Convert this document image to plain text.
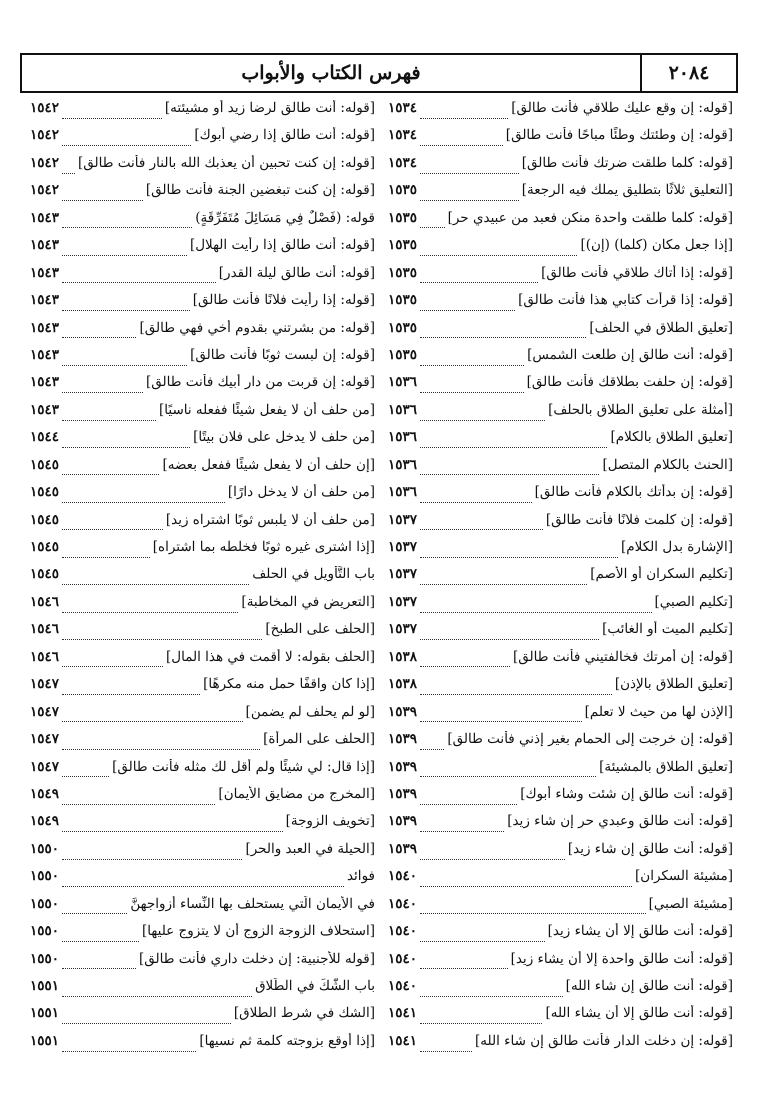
٢٠٨٤
فهرس الكتاب والأبواب
[قوله: إن وقع عليك طلاقي فأنت طالق]
١٥٣٤
[قوله: إن وطئتك وطئًا مباحًا فأنت طالق]
١٥٣٤
[قوله: كلما طلقت ضرتك فأنت طالق]
١٥٣٤
[التعليق ثلاثًا بتطليق يملك فيه الرجعة]
١٥٣٥
[قوله: كلما طلقت واحدة منكن فعبد من عبيدي حر]
١٥٣٥
[إذا جعل مكان (كلما) (إن)]
١٥٣٥
[قوله: إذا أتاك طلاقي فأنت طالق]
١٥٣٥
[قوله: إذا قرأت كتابي هذا فأنت طالق]
١٥٣٥
[تعليق الطلاق في الحلف]
١٥٣٥
[قوله: أنت طالق إن طلعت الشمس]
١٥٣٥
[قوله: إن حلفت بطلاقك فأنت طالق]
١٥٣٦
[أمثلة على تعليق الطلاق بالحلف]
١٥٣٦
[تعليق الطلاق بالكلام]
١٥٣٦
[الحنث بالكلام المتصل]
١٥٣٦
[قوله: إن بدأتك بالكلام فأنت طالق]
١٥٣٦
[قوله: إن كلمت فلانًا فأنت طالق]
١٥٣٧
[الإشارة بدل الكلام]
١٥٣٧
[تكليم السكران أو الأصم]
١٥٣٧
[تكليم الصبي]
١٥٣٧
[تكليم الميت أو الغائب]
١٥٣٧
[قوله: إن أمرتك فخالفتيني فأنت طالق]
١٥٣٨
[تعليق الطلاق بالإذن]
١٥٣٨
[الإذن لها من حيث لا تعلم]
١٥٣٩
[قوله: إن خرجت إلى الحمام بغير إذني فأنت طالق]
١٥٣٩
[تعليق الطلاق بالمشيئة]
١٥٣٩
[قوله: أنت طالق إن شئت وشاء أبوك]
١٥٣٩
[قوله: أنت طالق وعبدي حر إن شاء زيد]
١٥٣٩
[قوله: أنت طالق إن شاء زيد]
١٥٣٩
[مشيئة السكران]
١٥٤٠
[مشيئة الصبي]
١٥٤٠
[قوله: أنت طالق إلا أن يشاء زيد]
١٥٤٠
[قوله: أنت طالق واحدة إلا أن يشاء زيد]
١٥٤٠
[قوله: أنت طالق إن شاء الله]
١٥٤٠
[قوله: أنت طالق إلا أن يشاء الله]
١٥٤١
[قوله: إن دخلت الدار فأنت طالق إن شاء الله]
١٥٤١
[قوله: أنت طالق لرضا زيد أو مشيئته]
١٥٤٢
[قوله: أنت طالق إذا رضي أبوك]
١٥٤٢
[قوله: إن كنت تحبين أن يعذبك الله بالنار فأنت طالق]
١٥٤٢
[قوله: إن كنت تبغضين الجنة فأنت طالق]
١٥٤٢
قوله: (فَصْلٌ فِي مَسَائِلَ مُتَفَرِّقَةٍ)
١٥٤٣
[قوله: أنت طالق إذا رأيت الهلال]
١٥٤٣
[قوله: أنت طالق ليلة القدر]
١٥٤٣
[قوله: إذا رأيت فلانًا فأنت طالق]
١٥٤٣
[قوله: من بشرتني بقدوم أخي فهي طالق]
١٥٤٣
[قوله: إن لبست ثوبًا فأنت طالق]
١٥٤٣
[قوله: إن قربت من دار أبيك فأنت طالق]
١٥٤٣
[من حلف أن لا يفعل شيئًا ففعله ناسيًا]
١٥٤٣
[من حلف لا يدخل على فلان بيتًا]
١٥٤٤
[إن حلف أن لا يفعل شيئًا ففعل بعضه]
١٥٤٥
[من حلف أن لا يدخل دارًا]
١٥٤٥
[من حلف أن لا يلبس ثوبًا اشتراه زيد]
١٥٤٥
[إذا اشترى غيره ثوبًا فخلطه بما اشتراه]
١٥٤٥
باب التَّأويل في الحلف
١٥٤٥
[التعريض في المخاطبة]
١٥٤٦
[الحلف على الطبخ]
١٥٤٦
[الحلف بقوله: لا أقمت في هذا المال]
١٥٤٦
[إذا كان واقفًا حمل منه مكرهًا]
١٥٤٧
[لو لم يحلف لم يضمن]
١٥٤٧
[الحلف على المرأة]
١٥٤٧
[إذا قال: لي شيئًا ولم أقل لك مثله فأنت طالق]
١٥٤٧
[المخرج من مضايق الأيمان]
١٥٤٩
[تخويف الزوجة]
١٥٤٩
[الحيلة في العبد والحر]
١٥٥٠
فوائد
١٥٥٠
في الأيمان الَّتي يستحلف بها النِّساء أزواجهنَّ
١٥٥٠
[استحلاف الزوجة الزوج أن لا يتزوج عليها]
١٥٥٠
[قوله للأجنبية: إن دخلت داري فأنت طالق]
١٥٥٠
باب الشَّكِّ في الطَّلاق
١٥٥١
[الشك في شرط الطلاق]
١٥٥١
[إذا أوقع بزوجته كلمة ثم نسيها]
١٥٥١
